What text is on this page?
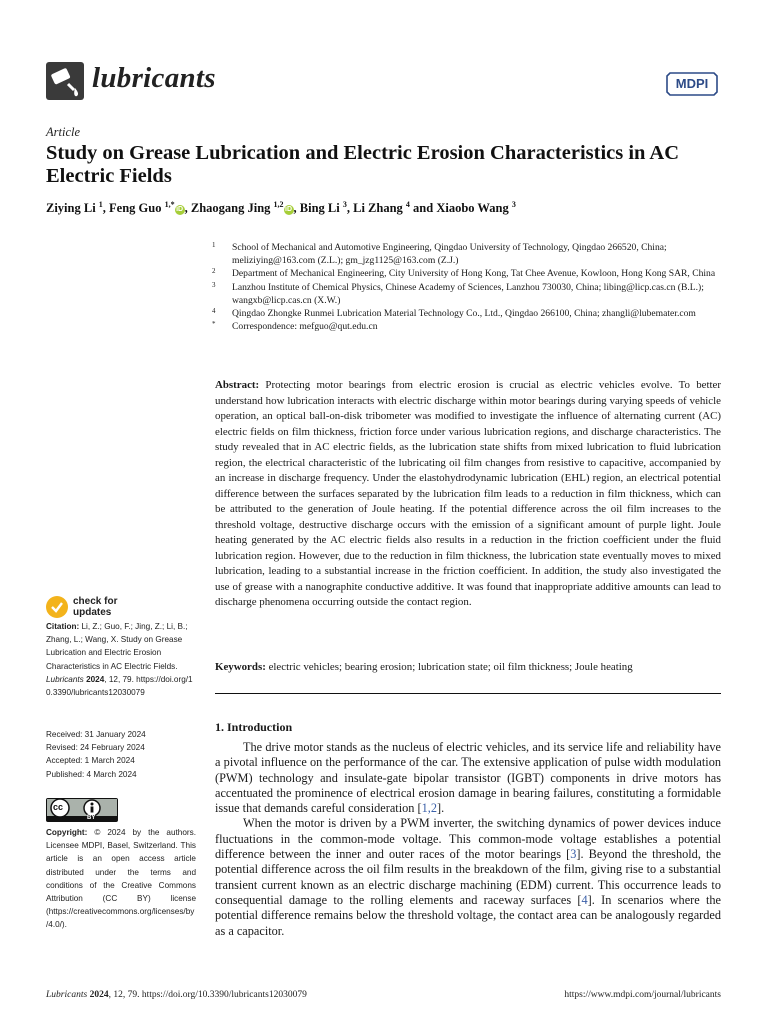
lubricants	MDPI
Article
Study on Grease Lubrication and Electric Erosion Characteristics in AC Electric Fields
Ziying Li $^1$, Feng Guo $^{1,*}$iD , Zhaogang Jing $^{1,2}$iD , Bing Li $^3$, Li Zhang $^4$ and Xiaobo Wang $^3$
1 School of Mechanical and Automotive Engineering, Qingdao University of Technology, Qingdao 266520, China; meliziying@163.com (Z.L.); gm_jzg1125@163.com (Z.J.)
2 Department of Mechanical Engineering, City University of Hong Kong, Tat Chee Avenue, Kowloon, Hong Kong SAR, China
3 Lanzhou Institute of Chemical Physics, Chinese Academy of Sciences, Lanzhou 730030, China; libing@licp.cas.cn (B.L.); wangxb@licp.cas.cn (X.W.)
4 Qingdao Zhongke Runmei Lubrication Material Technology Co., Ltd., Qingdao 266100, China; zhangli@lubemater.com
* Correspondence: mefguo@qut.edu.cn
Abstract: Protecting motor bearings from electric erosion is crucial as electric vehicles evolve. To better understand how lubrication interacts with electric discharge within motor bearings during varying speeds of vehicle operation, an optical ball-on-disk tribometer was modified to investigate the influence of alternating current (AC) electric fields on film thickness, friction force under various lubrication regions, and discharge characteristics. The study revealed that in AC electric fields, as the lubrication state shifts from mixed lubrication to fluid lubrication region, the electrical characteristic of the lubricating oil film changes from resistive to capacitive, accompanied by an increase in discharge frequency. Under the elastohydrodynamic lubrication (EHL) region, an electrical potential difference between the surfaces separated by the lubrication film leads to a reduction in film thickness, which can be attributed to the generation of Joule heating. If the potential difference across the oil film increases to the threshold voltage, destructive discharge occurs with the emission of a significant amount of purple light. Joule heating generated by the AC electric fields also results in a reduction in the friction coefficient under the fluid lubrication region. However, due to the reduction in film thickness, the lubrication state eventually moves to mixed lubrication, leading to a substantial increase in the friction coefficient. In addition, the study also investigated the use of grease with a nanographite conductive additive. It was found that inappropriate additive amounts can lead to discharge phenomena occurring outside the contact region.
Keywords: electric vehicles; bearing erosion; lubrication state; oil film thickness; Joule heating
1. Introduction

The drive motor stands as the nucleus of electric vehicles, and its service life and reliability have a pivotal influence on the performance of the car. The extensive application of pulse width modulation (PWM) technology and insulate-gate bipolar transistor (IGBT) components in drive motors has accentuated the prominence of electrical erosion damage in bearing failures, constituting a formidable issue that demands careful consideration [1,2].

When the motor is driven by a PWM inverter, the switching dynamics of power devices induce fluctuations in the common-mode voltage. This common-mode voltage establishes a potential difference between the inner and outer races of the motor bearings [3]. Beyond the threshold, the potential difference across the oil film results in the breakdown of the film, giving rise to a substantial transient current known as an electric discharge machining (EDM) current. This occurrence leads to consequential damage to the rolling elements and raceway surfaces [4]. In scenarios where the potential difference remains below the threshold voltage, the contact area can be analogously regarded as a capacitor.

check for
updates
Citation: Li, Z.; Guo, F.; Jing, Z.; Li, B.; Zhang, L.; Wang, X. Study on Grease Lubrication and Electric Erosion Characteristics in AC Electric Fields. Lubricants 2024, 12, 79. https://doi.org/10.3390/lubricants12030079
Received: 31 January 2024
Revised: 24 February 2024
Accepted: 1 March 2024
Published: 4 March 2024
cc
BY
Copyright: © 2024 by the authors. Licensee MDPI, Basel, Switzerland. This article is an open access article distributed under the terms and conditions of the Creative Commons Attribution (CC BY) license (https://creativecommons.org/licenses/by/4.0/).
Lubricants 2024, 12, 79. https://doi.org/10.3390/lubricants12030079	https://www.mdpi.com/journal/lubricants
